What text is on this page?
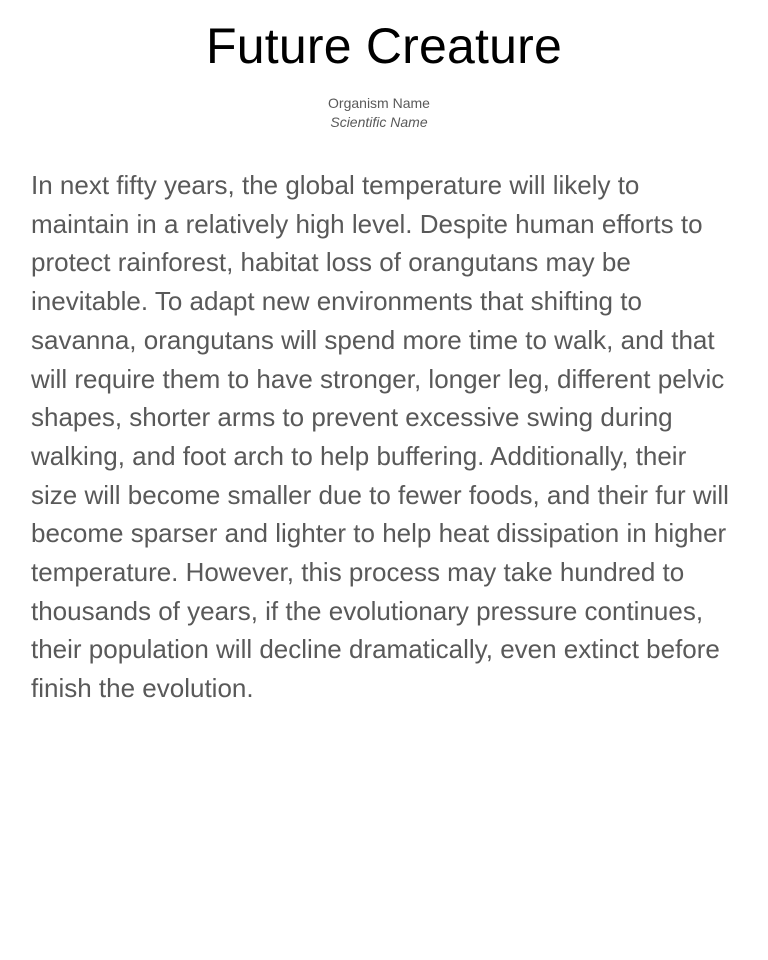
Future Creature
Organism Name
Scientific Name

In next fifty years, the global temperature will likely to maintain in a relatively high level. Despite human efforts to protect rainforest, habitat loss of orangutans may be inevitable. To adapt new environments that shifting to savanna, orangutans will spend more time to walk, and that will require them to have stronger, longer leg, different pelvic shapes, shorter arms to prevent excessive swing during walking, and foot arch to help buffering. Additionally, their size will become smaller due to fewer foods, and their fur will become sparser and lighter to help heat dissipation in higher temperature. However, this process may take hundred to thousands of years, if the evolutionary pressure continues, their population will decline dramatically, even extinct before finish the evolution.
